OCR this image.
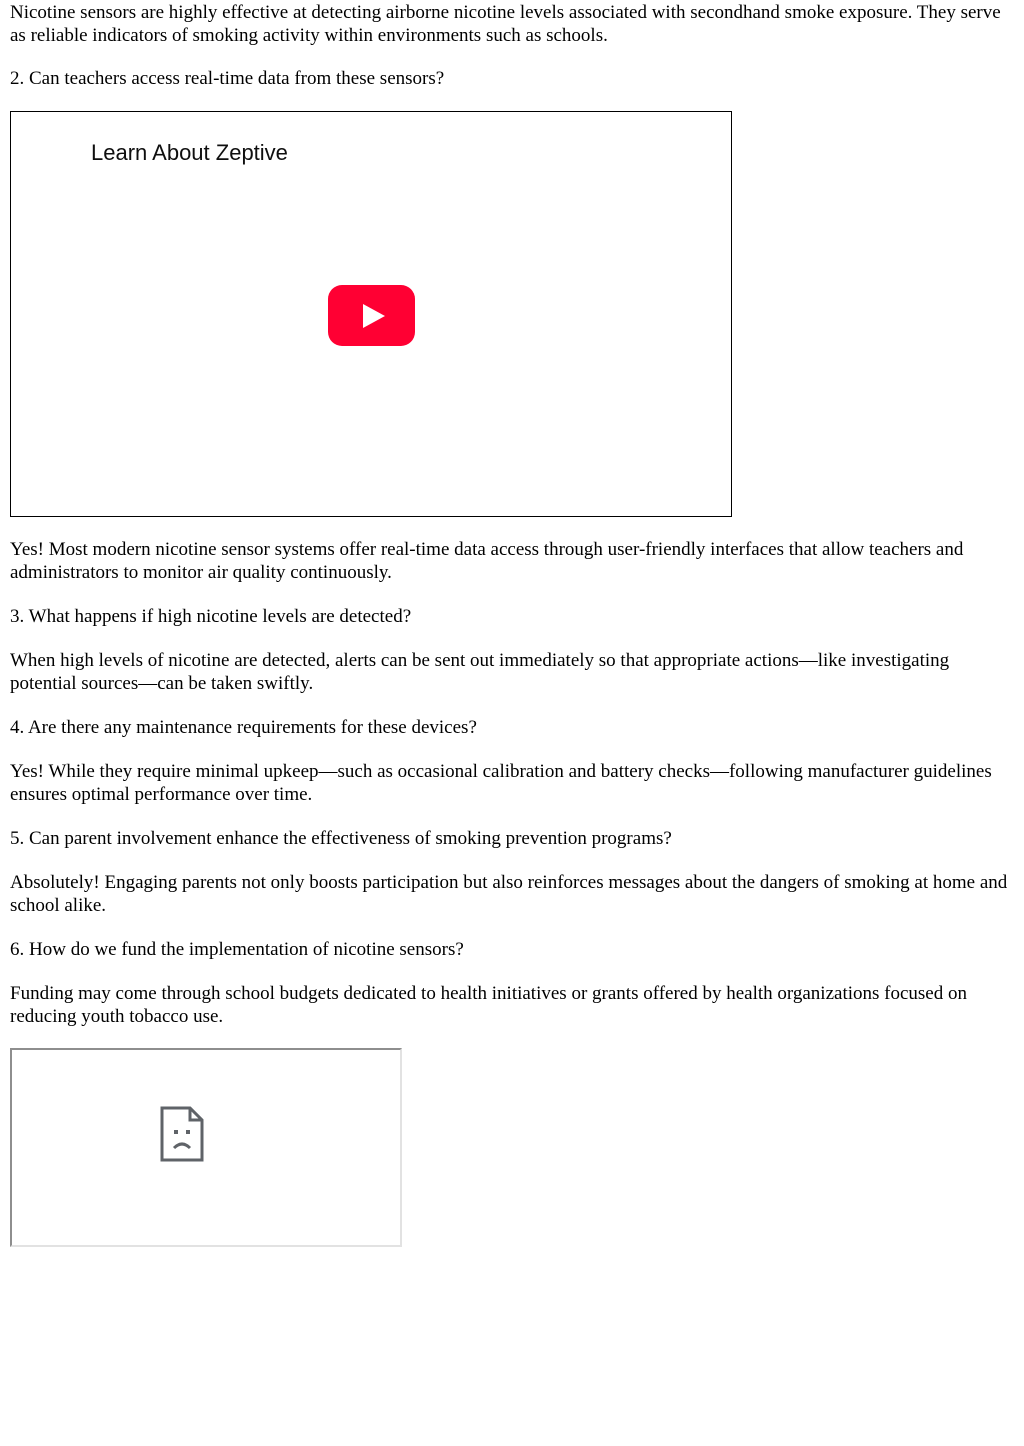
Nicotine sensors are highly effective at detecting airborne nicotine levels associated with secondhand smoke exposure. They serve as reliable indicators of smoking activity within environments such as schools.

2. Can teachers access real-time data from these sensors?

Learn About Zeptive

Yes! Most modern nicotine sensor systems offer real-time data access through user-friendly interfaces that allow teachers and administrators to monitor air quality continuously.

3. What happens if high nicotine levels are detected?

When high levels of nicotine are detected, alerts can be sent out immediately so that appropriate actions—like investigating potential sources—can be taken swiftly.

4. Are there any maintenance requirements for these devices?

Yes! While they require minimal upkeep—such as occasional calibration and battery checks—following manufacturer guidelines ensures optimal performance over time.

5. Can parent involvement enhance the effectiveness of smoking prevention programs?

Absolutely! Engaging parents not only boosts participation but also reinforces messages about the dangers of smoking at home and school alike.

6. How do we fund the implementation of nicotine sensors?

Funding may come through school budgets dedicated to health initiatives or grants offered by health organizations focused on reducing youth tobacco use.
